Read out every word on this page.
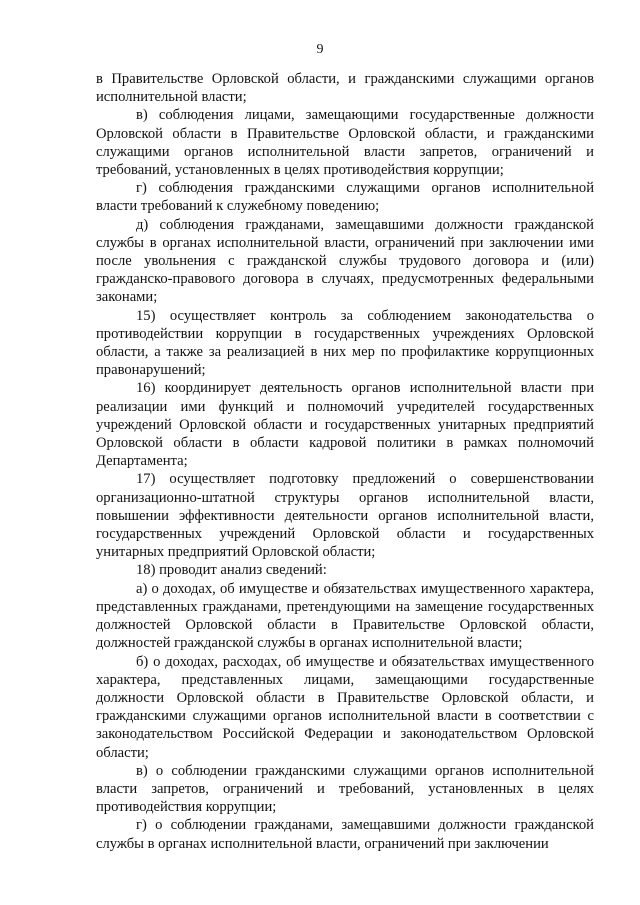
9

в Правительстве Орловской области, и гражданскими служащими органов исполнительной власти;

в) соблюдения лицами, замещающими государственные должности Орловской области в Правительстве Орловской области, и гражданскими служащими органов исполнительной власти запретов, ограничений и требований, установленных в целях противодействия коррупции;

г) соблюдения гражданскими служащими органов исполнительной власти требований к служебному поведению;

д) соблюдения гражданами, замещавшими должности гражданской службы в органах исполнительной власти, ограничений при заключении ими после увольнения с гражданской службы трудового договора и (или) гражданско-правового договора в случаях, предусмотренных федеральными законами;

15) осуществляет контроль за соблюдением законодательства о противодействии коррупции в государственных учреждениях Орловской области, а также за реализацией в них мер по профилактике коррупционных правонарушений;

16) координирует деятельность органов исполнительной власти при реализации ими функций и полномочий учредителей государственных учреждений Орловской области и государственных унитарных предприятий Орловской области в области кадровой политики в рамках полномочий Департамента;

17) осуществляет подготовку предложений о совершенствовании организационно-штатной структуры органов исполнительной власти, повышении эффективности деятельности органов исполнительной власти, государственных учреждений Орловской области и государственных унитарных предприятий Орловской области;

18) проводит анализ сведений:

а) о доходах, об имуществе и обязательствах имущественного характера, представленных гражданами, претендующими на замещение государственных должностей Орловской области в Правительстве Орловской области, должностей гражданской службы в органах исполнительной власти;

б) о доходах, расходах, об имуществе и обязательствах имущественного характера, представленных лицами, замещающими государственные должности Орловской области в Правительстве Орловской области, и гражданскими служащими органов исполнительной власти в соответствии с законодательством Российской Федерации и законодательством Орловской области;

в) о соблюдении гражданскими служащими органов исполнительной власти запретов, ограничений и требований, установленных в целях противодействия коррупции;

г) о соблюдении гражданами, замещавшими должности гражданской службы в органах исполнительной власти, ограничений при заключении
